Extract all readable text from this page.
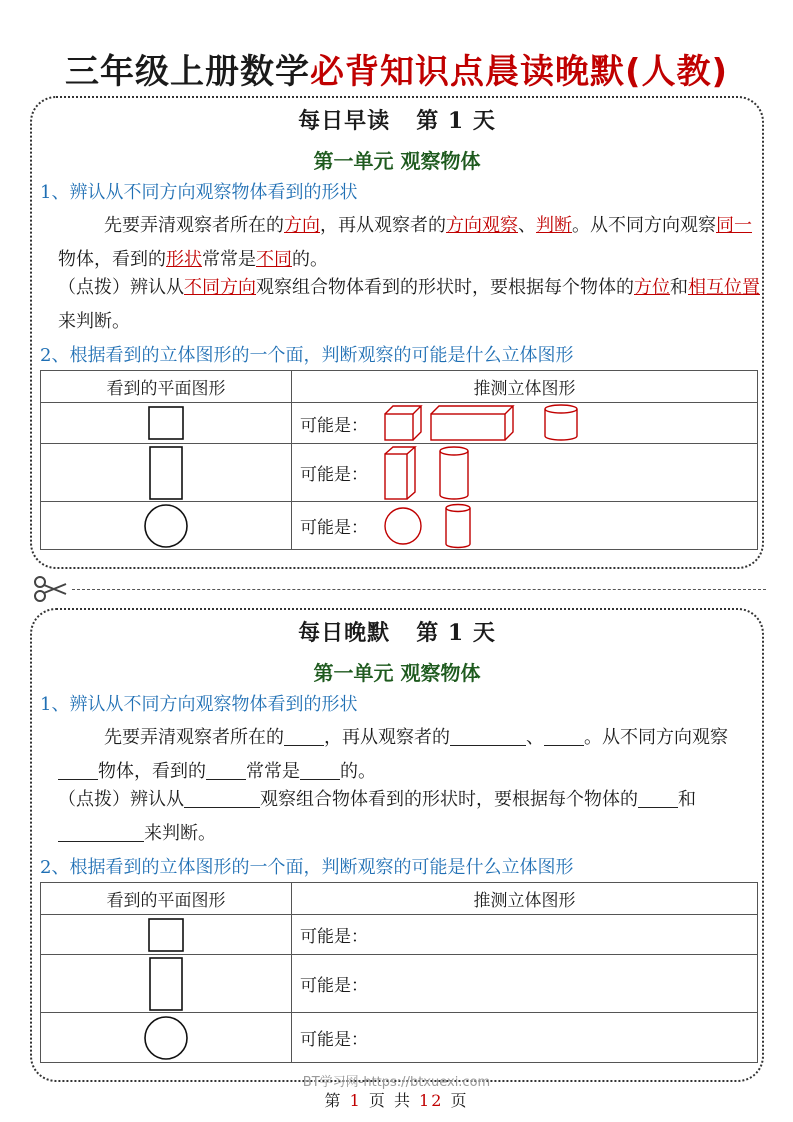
三年级上册数学必背知识点晨读晚默(人教)
每日早读 第 1 天
第一单元 观察物体
1、辨认从不同方向观察物体看到的形状
先要弄清观察者所在的方向，再从观察者的方向观察、判断。从不同方向观察同一物体，看到的形状常常是不同的。
（点拨）辨认从不同方向观察组合物体看到的形状时，要根据每个物体的方位和相互位置来判断。
2、根据看到的立体图形的一个面，判断观察的可能是什么立体图形
看到的平面图形	推测立体图形
	可能是：
	可能是：
	可能是：
每日晚默 第 1 天
第一单元 观察物体
1、辨认从不同方向观察物体看到的形状
先要弄清观察者所在的 ，再从观察者的	、 。从不同方向观察物体，看到的 常常是 的。
（点拨）辨认从	观察组合物体看到的形状时，要根据每个物体的 和来判断。
2、根据看到的立体图形的一个面，判断观察的可能是什么立体图形
看到的平面图形	推测立体图形
	可能是：
	可能是：
	可能是：
BT学习网-https://btxuexi.com
第 1 页 共 12 页
